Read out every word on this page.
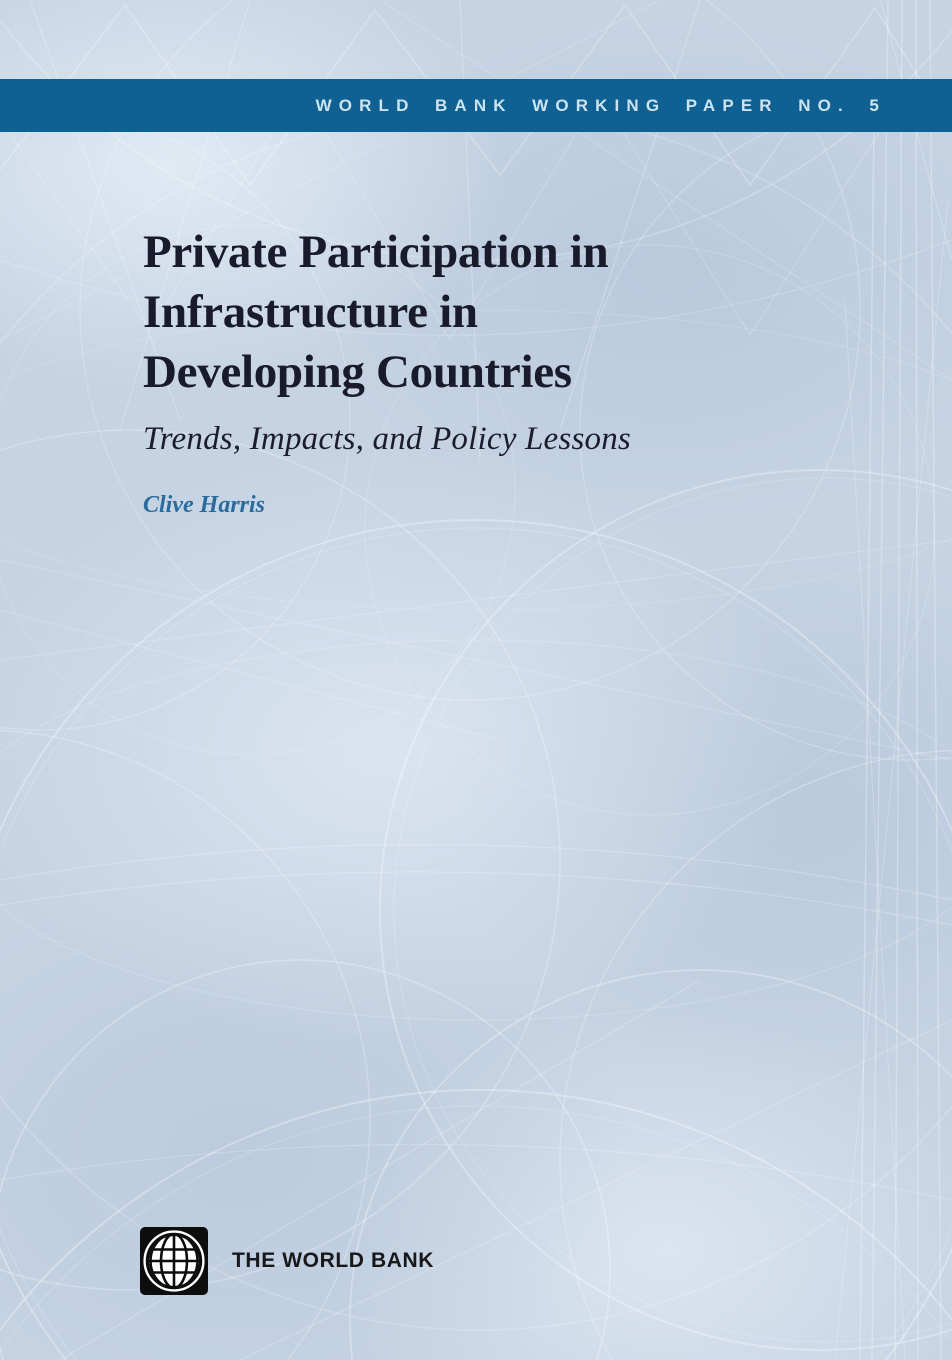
WORLD BANK WORKING PAPER NO. 5
Private Participation in
Infrastructure in
Developing Countries
Trends, Impacts, and Policy Lessons
Clive Harris
THE WORLD BANK
